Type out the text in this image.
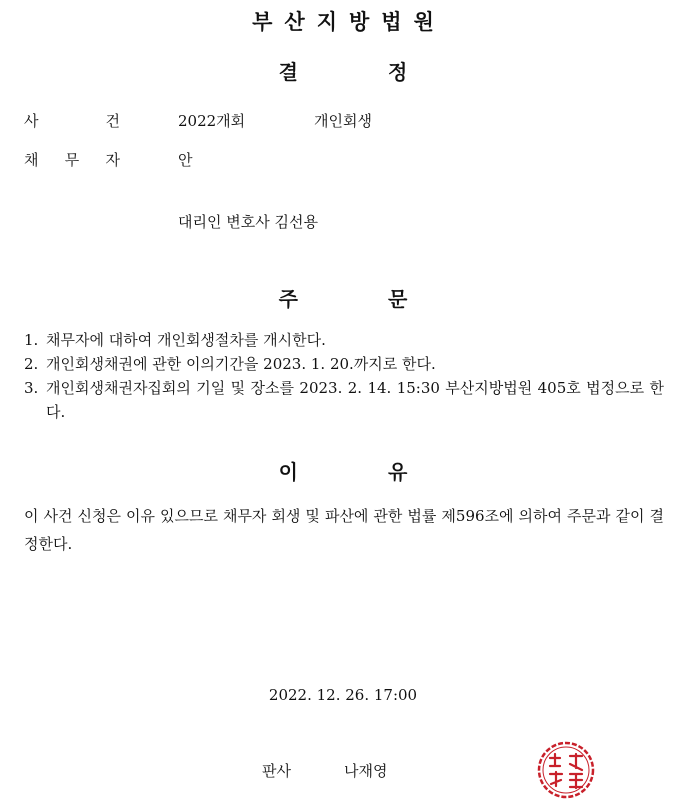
부산지방법원
결	정
사	건	2022개회	개인회생
채 무 자	안
대리인 변호사 김선용
주	문
1. 채무자에 대하여 개인회생절차를 개시한다.
2. 개인회생채권에 관한 이의기간을 2023. 1. 20.까지로 한다.
3. 개인회생채권자집회의 기일 및 장소를 2023. 2. 14. 15:30 부산지방법원 405호 법정으로 한다.
이	유
이 사건 신청은 이유 있으므로 채무자 회생 및 파산에 관한 법률 제596조에 의하여 주문과 같이 결정한다.
2022. 12. 26. 17:00
판사	나재영
